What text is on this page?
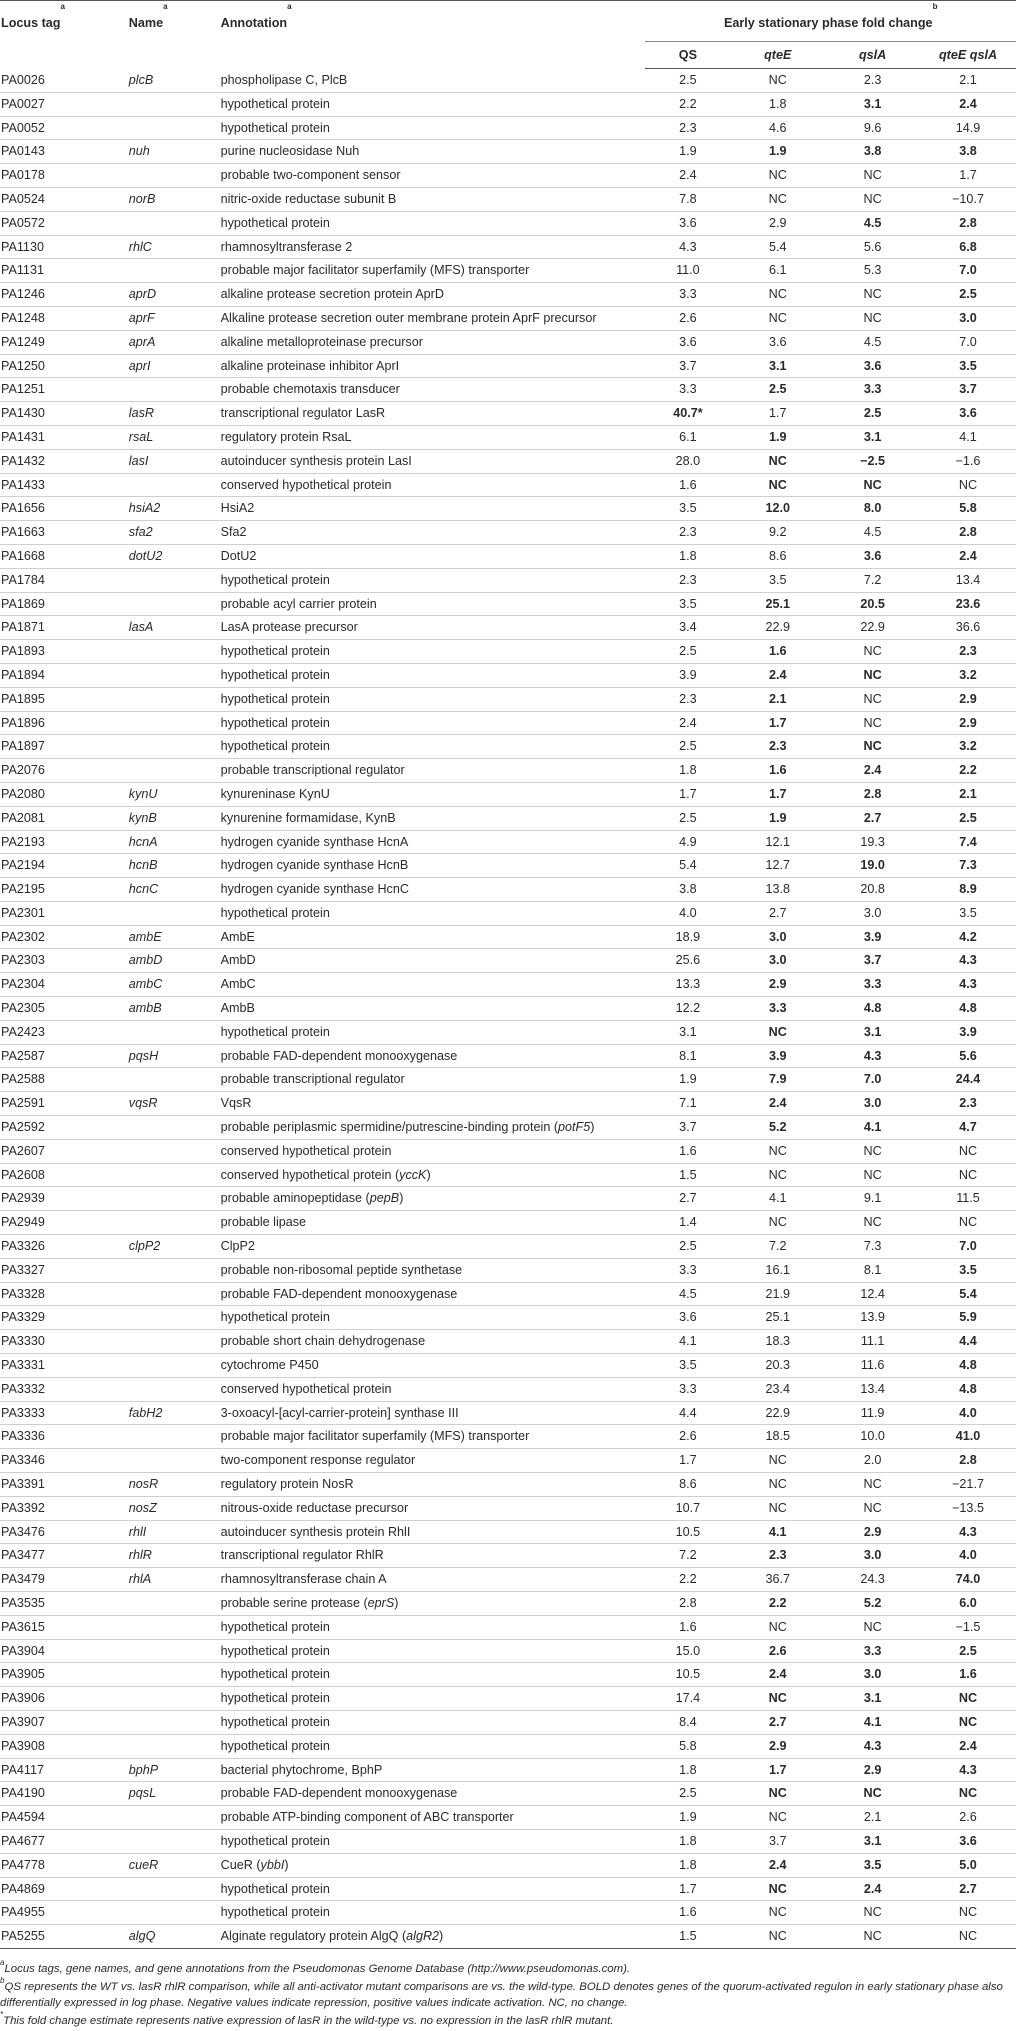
Locus tag$^a$	Name$^a$	Annotation$^a$	Early stationary phase fold change$^b$
			QS	qteE	qslA	qteE qslA
PA0026	plcB	phospholipase C, PlcB	2.5	NC	2.3	2.1
PA0027		hypothetical protein	2.2	1.8	3.1	2.4
PA0052		hypothetical protein	2.3	4.6	9.6	14.9
PA0143	nuh	purine nucleosidase Nuh	1.9	1.9	3.8	3.8
PA0178		probable two-component sensor	2.4	NC	NC	1.7
PA0524	norB	nitric-oxide reductase subunit B	7.8	NC	NC	−10.7
PA0572		hypothetical protein	3.6	2.9	4.5	2.8
PA1130	rhlC	rhamnosyltransferase 2	4.3	5.4	5.6	6.8
PA1131		probable major facilitator superfamily (MFS) transporter	11.0	6.1	5.3	7.0
PA1246	aprD	alkaline protease secretion protein AprD	3.3	NC	NC	2.5
PA1248	aprF	Alkaline protease secretion outer membrane protein AprF precursor	2.6	NC	NC	3.0
PA1249	aprA	alkaline metalloproteinase precursor	3.6	3.6	4.5	7.0
PA1250	aprI	alkaline proteinase inhibitor AprI	3.7	3.1	3.6	3.5
PA1251		probable chemotaxis transducer	3.3	2.5	3.3	3.7
PA1430	lasR	transcriptional regulator LasR	40.7*	1.7	2.5	3.6
PA1431	rsaL	regulatory protein RsaL	6.1	1.9	3.1	4.1
PA1432	lasI	autoinducer synthesis protein LasI	28.0	NC	−2.5	−1.6
PA1433		conserved hypothetical protein	1.6	NC	NC	NC
PA1656	hsiA2	HsiA2	3.5	12.0	8.0	5.8
PA1663	sfa2	Sfa2	2.3	9.2	4.5	2.8
PA1668	dotU2	DotU2	1.8	8.6	3.6	2.4
PA1784		hypothetical protein	2.3	3.5	7.2	13.4
PA1869		probable acyl carrier protein	3.5	25.1	20.5	23.6
PA1871	lasA	LasA protease precursor	3.4	22.9	22.9	36.6
PA1893		hypothetical protein	2.5	1.6	NC	2.3
PA1894		hypothetical protein	3.9	2.4	NC	3.2
PA1895		hypothetical protein	2.3	2.1	NC	2.9
PA1896		hypothetical protein	2.4	1.7	NC	2.9
PA1897		hypothetical protein	2.5	2.3	NC	3.2
PA2076		probable transcriptional regulator	1.8	1.6	2.4	2.2
PA2080	kynU	kynureninase KynU	1.7	1.7	2.8	2.1
PA2081	kynB	kynurenine formamidase, KynB	2.5	1.9	2.7	2.5
PA2193	hcnA	hydrogen cyanide synthase HcnA	4.9	12.1	19.3	7.4
PA2194	hcnB	hydrogen cyanide synthase HcnB	5.4	12.7	19.0	7.3
PA2195	hcnC	hydrogen cyanide synthase HcnC	3.8	13.8	20.8	8.9
PA2301		hypothetical protein	4.0	2.7	3.0	3.5
PA2302	ambE	AmbE	18.9	3.0	3.9	4.2
PA2303	ambD	AmbD	25.6	3.0	3.7	4.3
PA2304	ambC	AmbC	13.3	2.9	3.3	4.3
PA2305	ambB	AmbB	12.2	3.3	4.8	4.8
PA2423		hypothetical protein	3.1	NC	3.1	3.9
PA2587	pqsH	probable FAD-dependent monooxygenase	8.1	3.9	4.3	5.6
PA2588		probable transcriptional regulator	1.9	7.9	7.0	24.4
PA2591	vqsR	VqsR	7.1	2.4	3.0	2.3
PA2592		probable periplasmic spermidine/putrescine-binding protein (potF5)	3.7	5.2	4.1	4.7
PA2607		conserved hypothetical protein	1.6	NC	NC	NC
PA2608		conserved hypothetical protein (yccK)	1.5	NC	NC	NC
PA2939		probable aminopeptidase (pepB)	2.7	4.1	9.1	11.5
PA2949		probable lipase	1.4	NC	NC	NC
PA3326	clpP2	ClpP2	2.5	7.2	7.3	7.0
PA3327		probable non-ribosomal peptide synthetase	3.3	16.1	8.1	3.5
PA3328		probable FAD-dependent monooxygenase	4.5	21.9	12.4	5.4
PA3329		hypothetical protein	3.6	25.1	13.9	5.9
PA3330		probable short chain dehydrogenase	4.1	18.3	11.1	4.4
PA3331		cytochrome P450	3.5	20.3	11.6	4.8
PA3332		conserved hypothetical protein	3.3	23.4	13.4	4.8
PA3333	fabH2	3-oxoacyl-[acyl-carrier-protein] synthase III	4.4	22.9	11.9	4.0
PA3336		probable major facilitator superfamily (MFS) transporter	2.6	18.5	10.0	41.0
PA3346		two-component response regulator	1.7	NC	2.0	2.8
PA3391	nosR	regulatory protein NosR	8.6	NC	NC	−21.7
PA3392	nosZ	nitrous-oxide reductase precursor	10.7	NC	NC	−13.5
PA3476	rhlI	autoinducer synthesis protein RhlI	10.5	4.1	2.9	4.3
PA3477	rhlR	transcriptional regulator RhlR	7.2	2.3	3.0	4.0
PA3479	rhlA	rhamnosyltransferase chain A	2.2	36.7	24.3	74.0
PA3535		probable serine protease (eprS)	2.8	2.2	5.2	6.0
PA3615		hypothetical protein	1.6	NC	NC	−1.5
PA3904		hypothetical protein	15.0	2.6	3.3	2.5
PA3905		hypothetical protein	10.5	2.4	3.0	1.6
PA3906		hypothetical protein	17.4	NC	3.1	NC
PA3907		hypothetical protein	8.4	2.7	4.1	NC
PA3908		hypothetical protein	5.8	2.9	4.3	2.4
PA4117	bphP	bacterial phytochrome, BphP	1.8	1.7	2.9	4.3
PA4190	pqsL	probable FAD-dependent monooxygenase	2.5	NC	NC	NC
PA4594		probable ATP-binding component of ABC transporter	1.9	NC	2.1	2.6
PA4677		hypothetical protein	1.8	3.7	3.1	3.6
PA4778	cueR	CueR (ybbI)	1.8	2.4	3.5	5.0
PA4869		hypothetical protein	1.7	NC	2.4	2.7
PA4955		hypothetical protein	1.6	NC	NC	NC
PA5255	algQ	Alginate regulatory protein AlgQ (algR2)	1.5	NC	NC	NC

$^a$Locus tags, gene names, and gene annotations from the Pseudomonas Genome Database (http://www.pseudomonas.com).

$^b$QS represents the WT vs. lasR rhlR comparison, while all anti-activator mutant comparisons are vs. the wild-type. BOLD denotes genes of the quorum-activated regulon in early stationary phase also differentially expressed in log phase. Negative values indicate repression, positive values indicate activation. NC, no change.

*This fold change estimate represents native expression of lasR in the wild-type vs. no expression in the lasR rhlR mutant.
